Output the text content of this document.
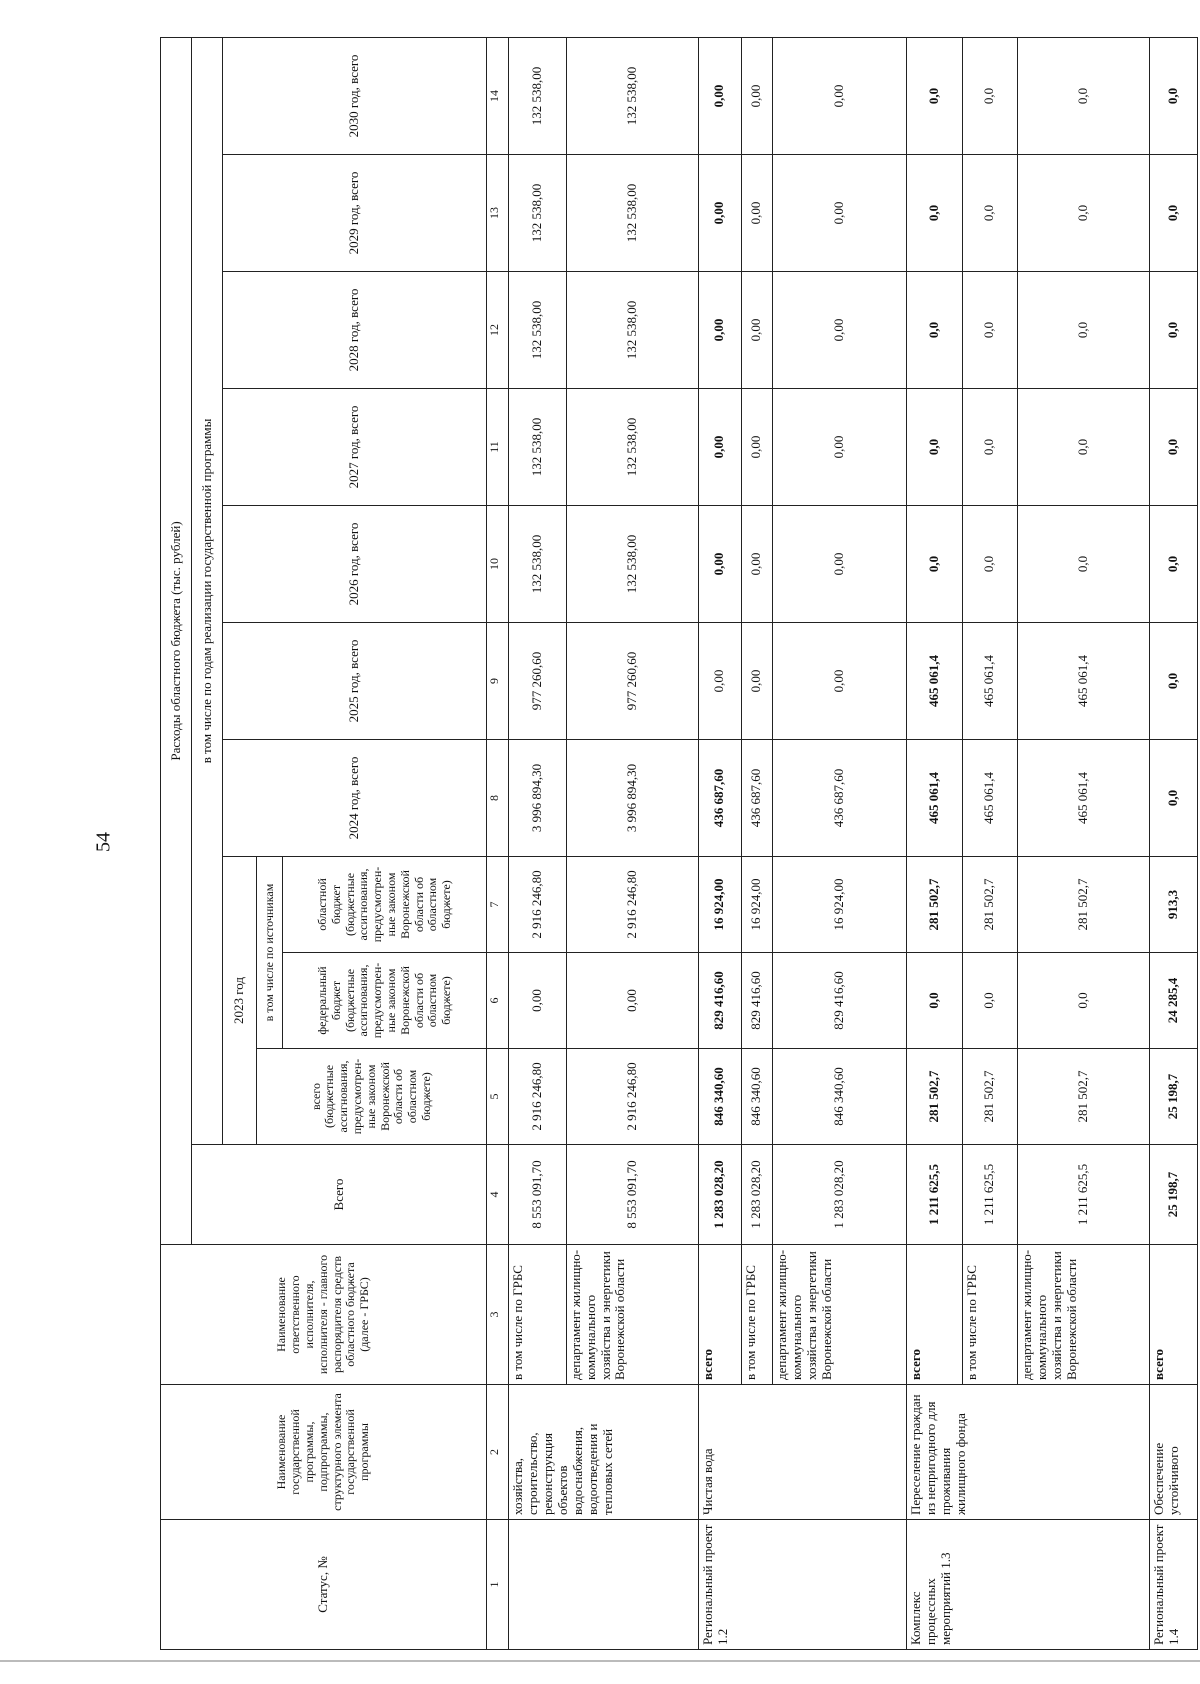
54
Статус, №	Наименование государственной программы, подпрограммы, структурного элемента государственной программы	Наименование ответственного исполнителя, исполнителя - главного распорядителя средств областного бюджета (далее - ГРБС)	Расходы областного бюджета (тыс. рублей)										
			Всего	в том числе по годам реализации государственной программы									
				2023 год			2024 год, всего	2025 год, всего	2026 год, всего	2027 год, всего	2028 год, всего	2029 год, всего	2030 год, всего
				всего (бюджетные ассигнования, предусмотрен-ные законом Воронежской области об областном бюджете)	в том числе по источникам								
					федеральный бюджет (бюджетные ассигнования, предусмотрен-ные законом Воронежской области об областном бюджете)	областной бюджет (бюджетные ассигнования, предусмотрен-ные законом Воронежской области об областном бюджете)							
1	2	3	4	5	6	7	8	9	10	11	12	13	14
	хозяйства, строительство, реконструкция объектов водоснабжения, водоотведения и тепловых сетей	в том числе по ГРБС	8 553 091,70	2 916 246,80	0,00	2 916 246,80	3 996 894,30	977 260,60	132 538,00	132 538,00	132 538,00	132 538,00	132 538,00
		департамент жилищно-коммунального хозяйства и энергетики Воронежской области	8 553 091,70	2 916 246,80	0,00	2 916 246,80	3 996 894,30	977 260,60	132 538,00	132 538,00	132 538,00	132 538,00	132 538,00
Региональный проект 1.2	Чистая вода	всего	1 283 028,20	846 340,60	829 416,60	16 924,00	436 687,60	0,00	0,00	0,00	0,00	0,00	0,00
		в том числе по ГРБС	1 283 028,20	846 340,60	829 416,60	16 924,00	436 687,60	0,00	0,00	0,00	0,00	0,00	0,00
		департамент жилищно-коммунального хозяйства и энергетики Воронежской области	1 283 028,20	846 340,60	829 416,60	16 924,00	436 687,60	0,00	0,00	0,00	0,00	0,00	0,00
Комплекс процессных мероприятий 1.3	Переселение граждан из непригодного для проживания жилищного фонда	всего	1 211 625,5	281 502,7	0,0	281 502,7	465 061,4	465 061,4	0,0	0,0	0,0	0,0	0,0
		в том числе по ГРБС	1 211 625,5	281 502,7	0,0	281 502,7	465 061,4	465 061,4	0,0	0,0	0,0	0,0	0,0
		департамент жилищно-коммунального хозяйства и энергетики Воронежской области	1 211 625,5	281 502,7	0,0	281 502,7	465 061,4	465 061,4	0,0	0,0	0,0	0,0	0,0
Региональный проект 1.4	Обеспечение устойчивого	всего	25 198,7	25 198,7	24 285,4	913,3	0,0	0,0	0,0	0,0	0,0	0,0	0,0
